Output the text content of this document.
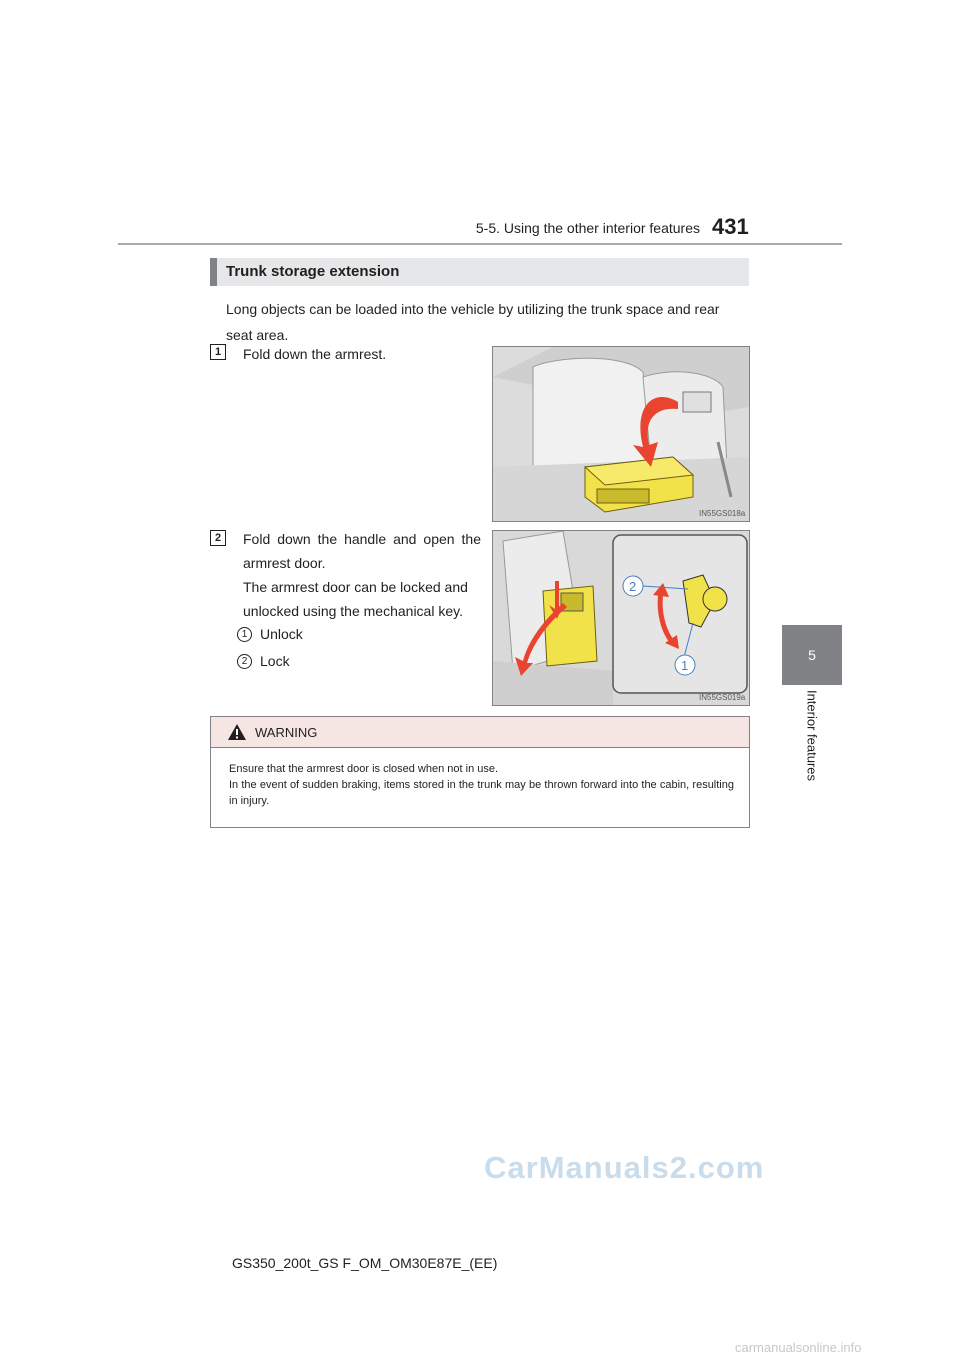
5-5. Using the other interior features 431
5
Interior features
Trunk storage extension
Long objects can be loaded into the vehicle by utilizing the trunk space and rear seat area.
1	Fold down the armrest.
IN55GS018a
2	Fold down the handle and open the armrest door.
The armrest door can be locked and unlocked using the mechanical key.
1 Unlock
2 Lock
2
1
IN55GS019a
WARNING
Ensure that the armrest door is closed when not in use.
In the event of sudden braking, items stored in the trunk may be thrown forward into the cabin, resulting in injury.
CarManuals2.com
GS350_200t_GS F_OM_OM30E87E_(EE)
carmanualsonline.info
